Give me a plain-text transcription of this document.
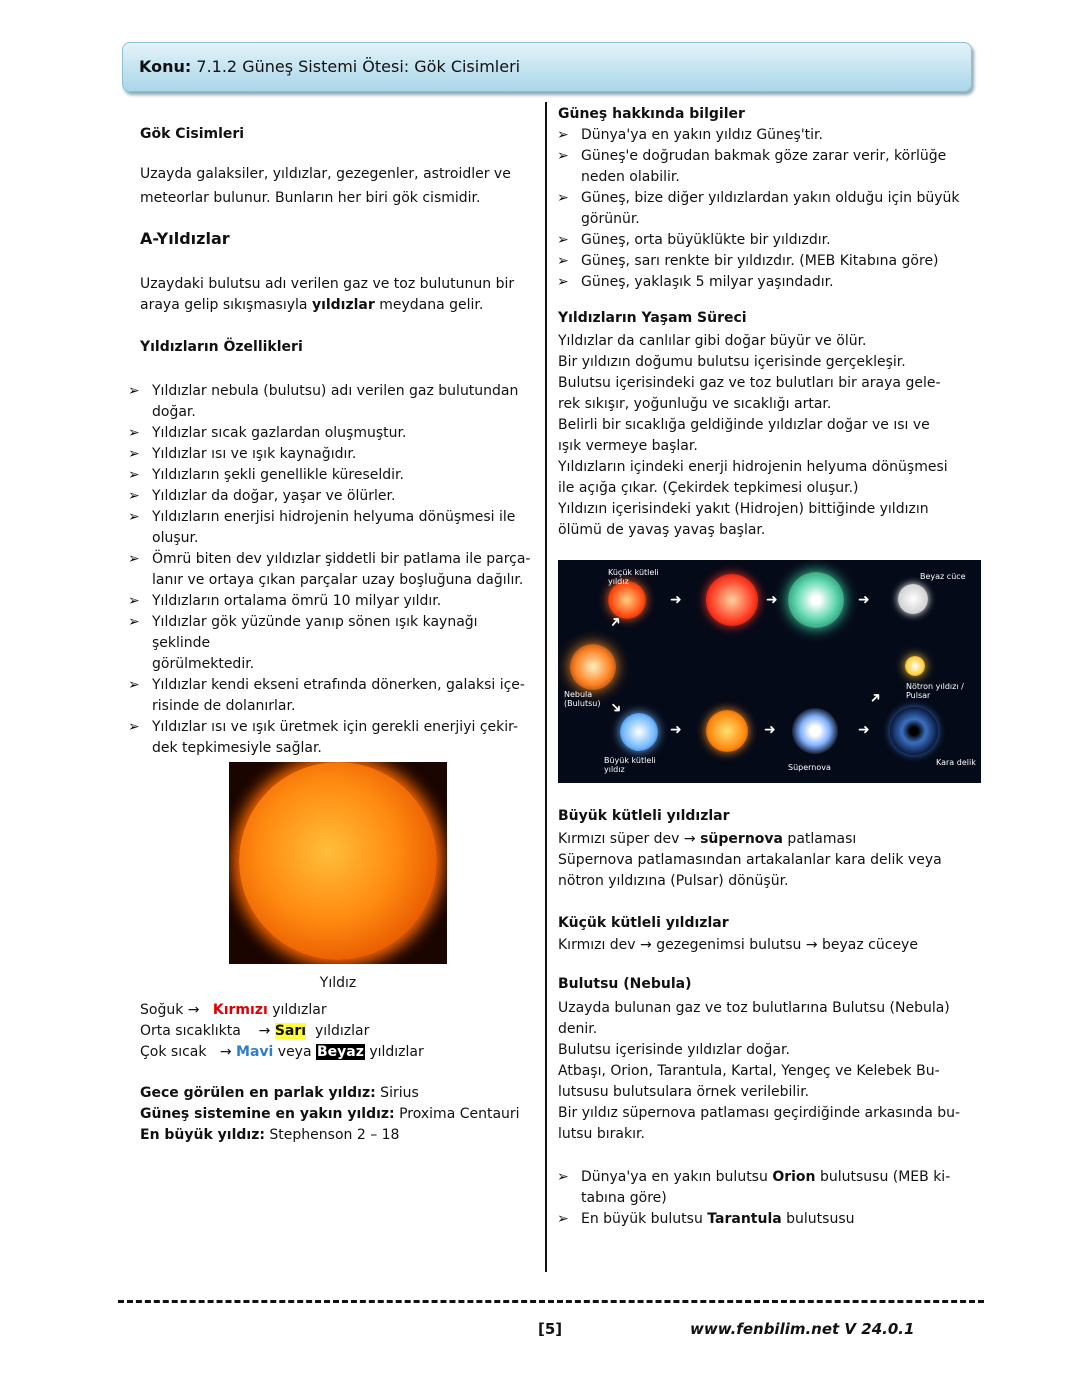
Konu: 7.1.2 Güneş Sistemi Ötesi: Gök Cisimleri
Gök Cisimleri
Uzayda galaksiler, yıldızlar, gezegenler, astroidler ve
meteorlar bulunur. Bunların her biri gök cismidir.
A-Yıldızlar
Uzaydaki bulutsu adı verilen gaz ve toz bulutunun bir
araya gelip sıkışmasıyla yıldızlar meydana gelir.
Yıldızların Özellikleri
➢ Yıldızlar nebula (bulutsu) adı verilen gaz bulutundan
doğar.
➢ Yıldızlar sıcak gazlardan oluşmuştur.
➢ Yıldızlar ısı ve ışık kaynağıdır.
➢ Yıldızların şekli genellikle küreseldir.
➢ Yıldızlar da doğar, yaşar ve ölürler.
➢ Yıldızların enerjisi hidrojenin helyuma dönüşmesi ile
oluşur.
➢ Ömrü biten dev yıldızlar şiddetli bir patlama ile parça-
lanır ve ortaya çıkan parçalar uzay boşluğuna dağılır.
➢ Yıldızların ortalama ömrü 10 milyar yıldır.
➢ Yıldızlar gök yüzünde yanıp sönen ışık kaynağı şeklinde
görülmektedir.
➢ Yıldızlar kendi ekseni etrafında dönerken, galaksi içe-
risinde de dolanırlar.
➢ Yıldızlar ısı ve ışık üretmek için gerekli enerjiyi çekir-
dek tepkimesiyle sağlar.
Yıldız
Soğuk → Kırmızı yıldızlar
Orta sıcaklıkta → Sarı yıldızlar
Çok sıcak → Mavi veya Beyaz yıldızlar
Gece görülen en parlak yıldız: Sirius
Güneş sistemine en yakın yıldız: Proxima Centauri
En büyük yıldız: Stephenson 2 – 18
Güneş hakkında bilgiler
➢ Dünya'ya en yakın yıldız Güneş'tir.
➢ Güneş'e doğrudan bakmak göze zarar verir, körlüğe
neden olabilir.
➢ Güneş, bize diğer yıldızlardan yakın olduğu için büyük
görünür.
➢ Güneş, orta büyüklükte bir yıldızdır.
➢ Güneş, sarı renkte bir yıldızdır. (MEB Kitabına göre)
➢ Güneş, yaklaşık 5 milyar yaşındadır.
Yıldızların Yaşam Süreci

Yıldızlar da canlılar gibi doğar büyür ve ölür.

Bir yıldızın doğumu bulutsu içerisinde gerçekleşir.

Bulutsu içerisindeki gaz ve toz bulutları bir araya gele-

rek sıkışır, yoğunluğu ve sıcaklığı artar.

Belirli bir sıcaklığa geldiğinde yıldızlar doğar ve ısı ve

ışık vermeye başlar.

Yıldızların içindeki enerji hidrojenin helyuma dönüşmesi

ile açığa çıkar. (Çekirdek tepkimesi oluşur.)

Yıldızın içerisindeki yakıt (Hidrojen) bittiğinde yıldızın

ölümü de yavaş yavaş başlar.

➜	➜	➜
➜
➜
➜	➜	➜
➜
Küçük kütleli
yıldız
Beyaz cüce
Nebula
(Bulutsu)
Nötron yıldızı /
Pulsar
Büyük kütleli
yıldız	Süpernova
Kara delik
Büyük kütleli yıldızlar
Kırmızı süper dev → süpernova patlaması
Süpernova patlamasından artakalanlar kara delik veya
nötron yıldızına (Pulsar) dönüşür.
Küçük kütleli yıldızlar
Kırmızı dev → gezegenimsi bulutsu → beyaz cüceye
Bulutsu (Nebula)

Uzayda bulunan gaz ve toz bulutlarına Bulutsu (Nebula)

denir.

Bulutsu içerisinde yıldızlar doğar.

Atbaşı, Orion, Tarantula, Kartal, Yengeç ve Kelebek Bu-

lutsusu bulutsulara örnek verilebilir.

Bir yıldız süpernova patlaması geçirdiğinde arkasında bu-

lutsu bırakır.

➢ Dünya'ya en yakın bulutsu Orion bulutsusu (MEB ki-
tabına göre)
➢ En büyük bulutsu Tarantula bulutsusu
[5]	www.fenbilim.net V 24.0.1
